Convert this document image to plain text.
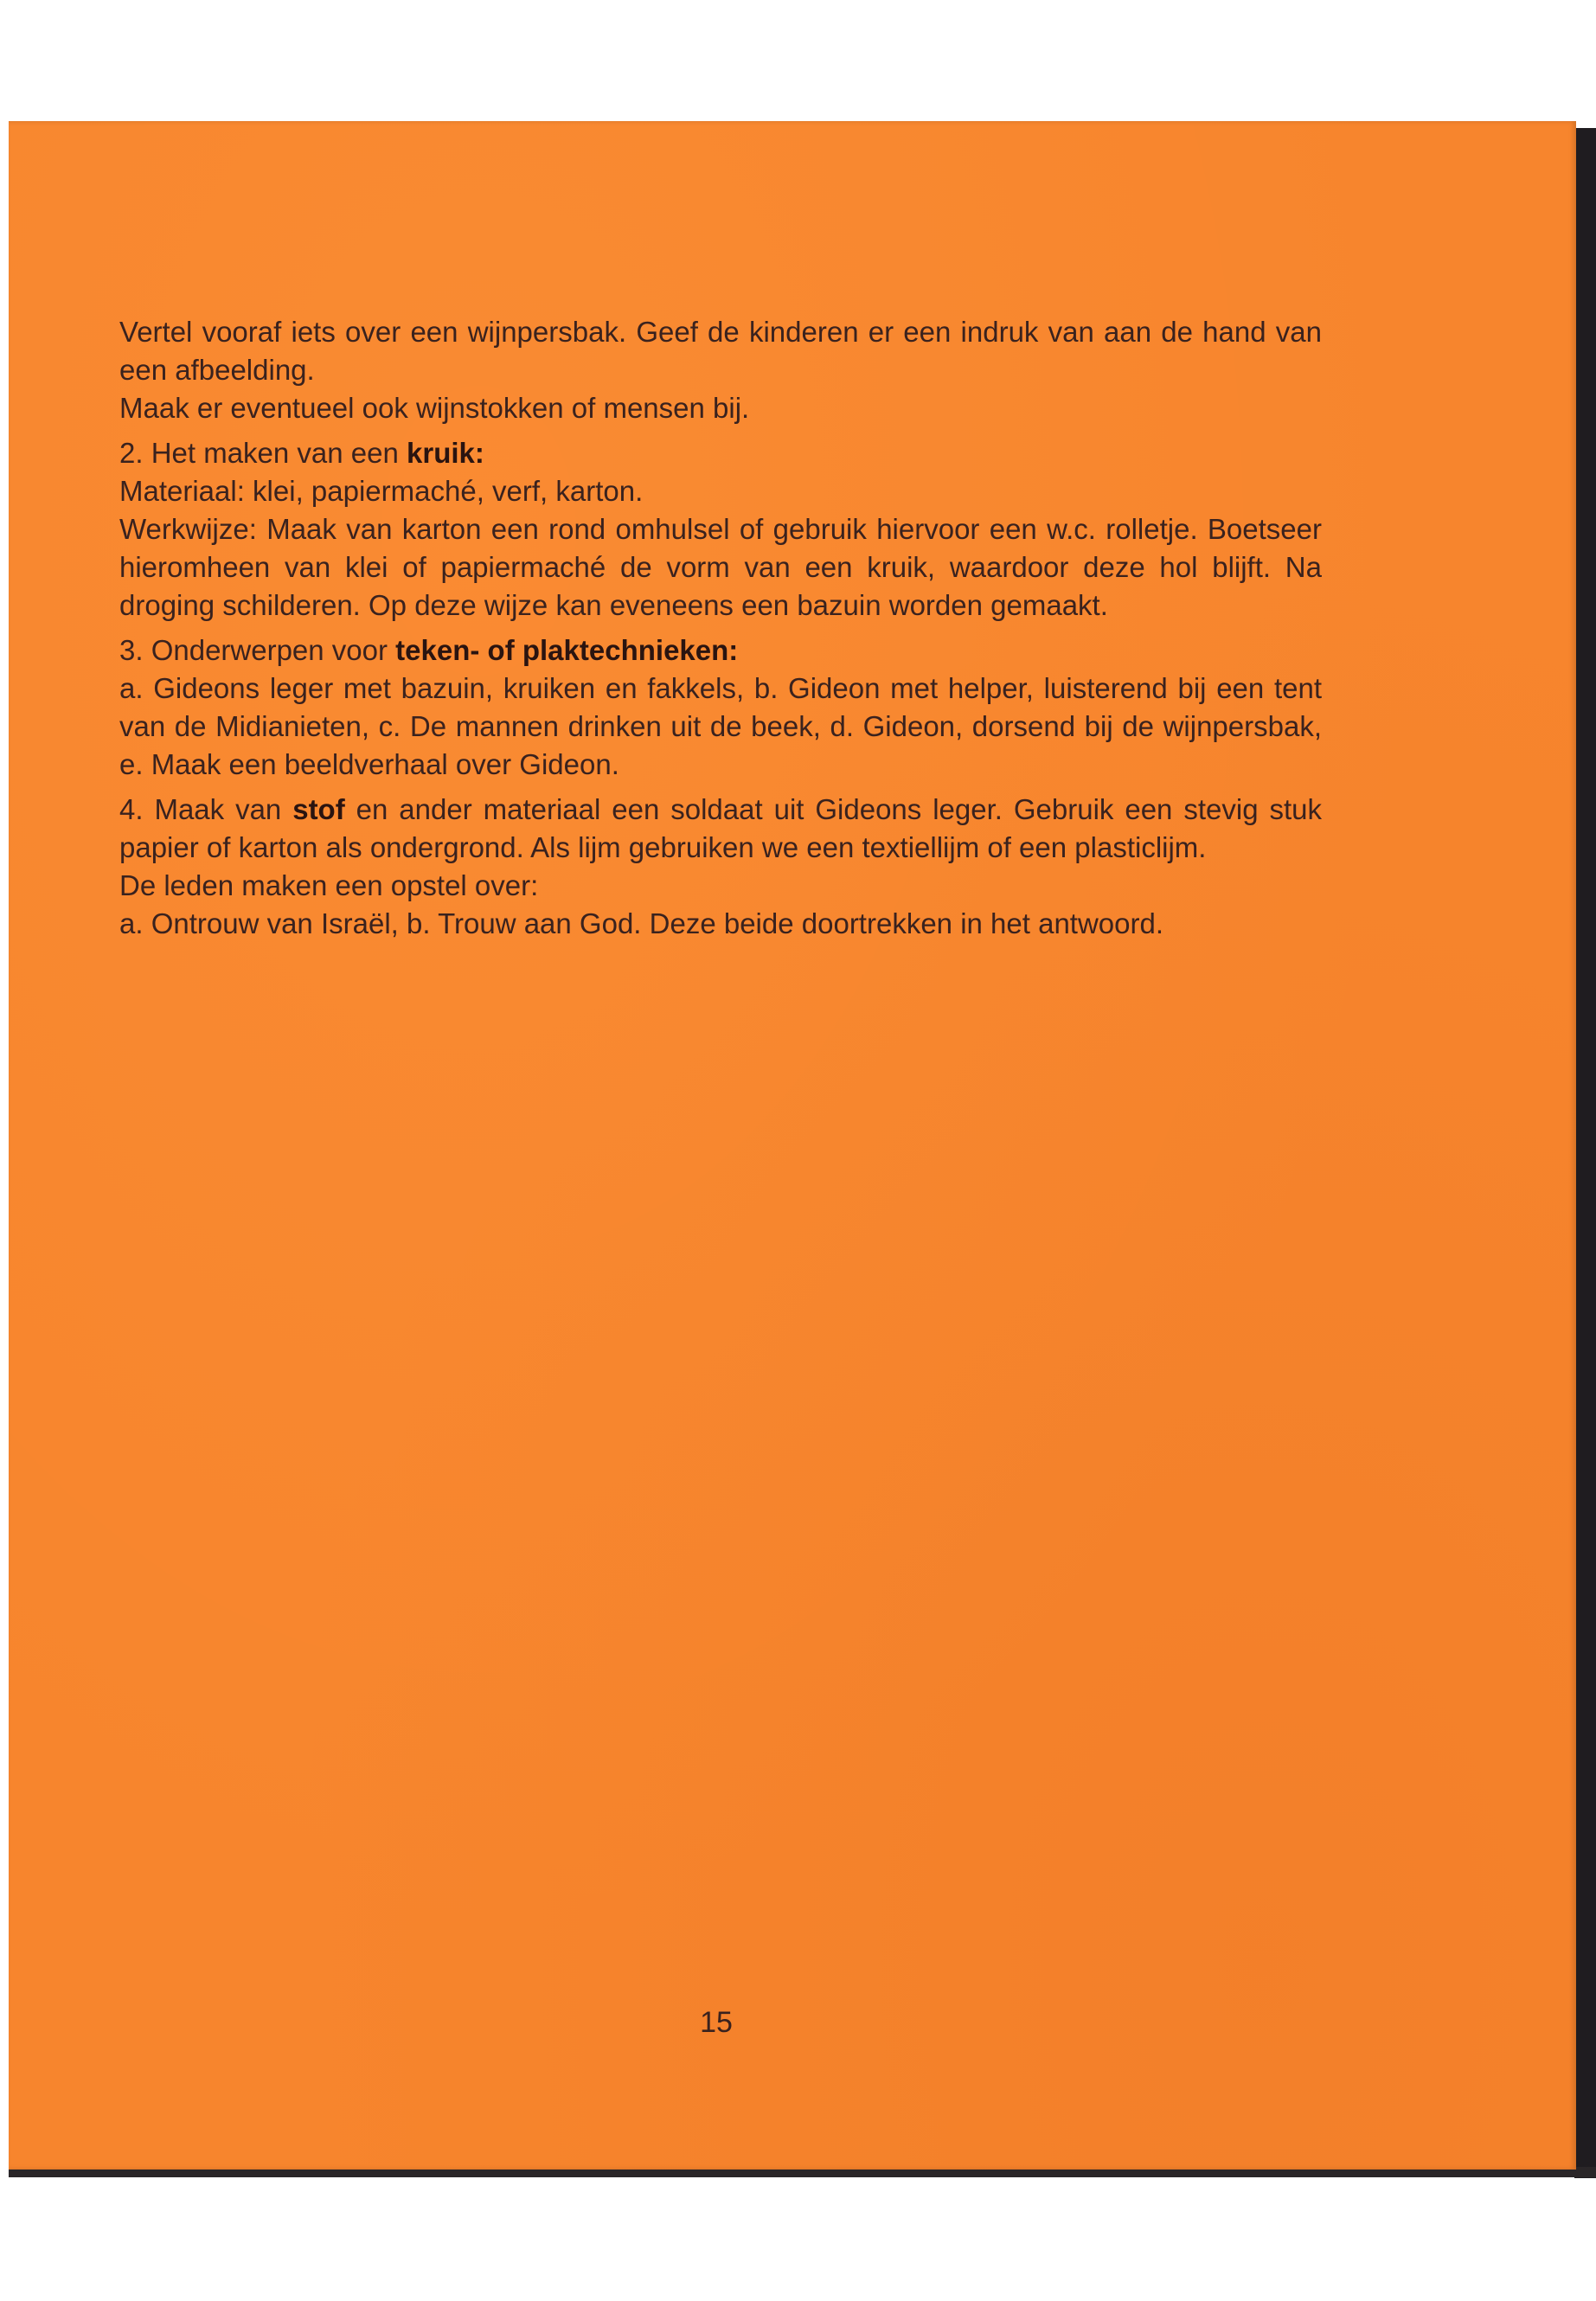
Vertel vooraf iets over een wijnpersbak. Geef de kinderen er een indruk van aan de hand van een afbeelding.

Maak er eventueel ook wijnstokken of mensen bij.

2. Het maken van een kruik:

Materiaal: klei, papiermaché, verf, karton.

Werkwijze: Maak van karton een rond omhulsel of gebruik hiervoor een w.c. rolletje. Boetseer hieromheen van klei of papiermaché de vorm van een kruik, waardoor deze hol blijft. Na droging schilderen. Op deze wijze kan eveneens een bazuin worden gemaakt.

3. Onderwerpen voor teken- of plaktechnieken:

a. Gideons leger met bazuin, kruiken en fakkels, b. Gideon met helper, luisterend bij een tent van de Midianieten, c. De mannen drinken uit de beek, d. Gideon, dorsend bij de wijnpersbak, e. Maak een beeldverhaal over Gideon.

4. Maak van stof en ander materiaal een soldaat uit Gideons leger. Gebruik een stevig stuk papier of karton als ondergrond. Als lijm gebruiken we een textiellijm of een plasticlijm.

De leden maken een opstel over:

a. Ontrouw van Israël, b. Trouw aan God. Deze beide doortrekken in het antwoord.

15
